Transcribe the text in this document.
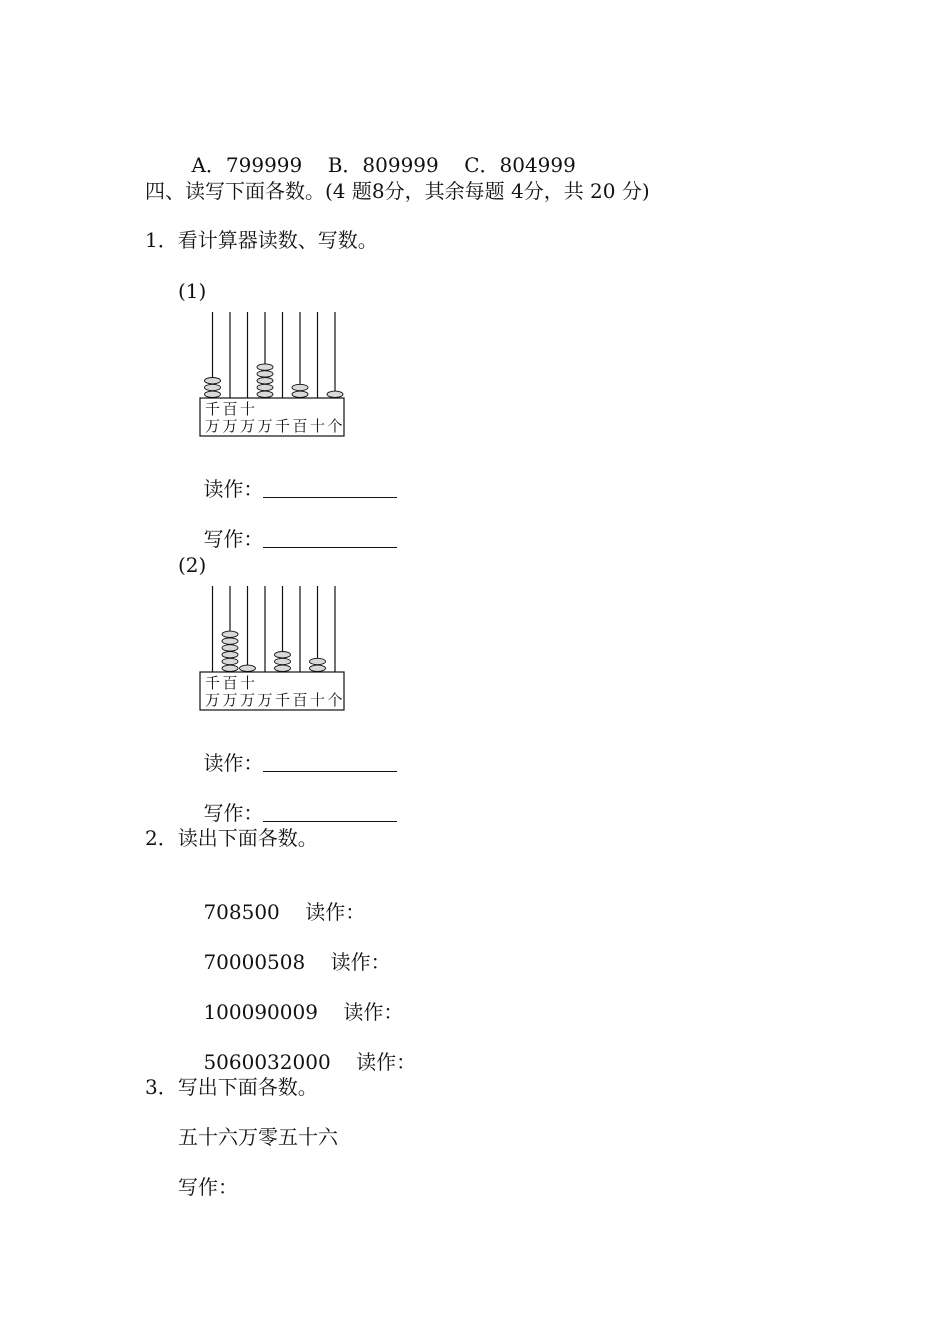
A．799999 B．809999 C．804999

四、读写下面各数。(4 题8分，其余每题 4分，共 20 分)
1．看计算器读数、写数。
(1)
千 百 十
万 万 万 万 千 百 十 个

读作：

写作：

(2)
千 百 十
万 万 万 万 千 百 十 个

读作：

写作：

2．读出下面各数。

708500 读作：

70000508 读作：

100090009 读作：

5060032000 读作：

3．写出下面各数。
五十六万零五十六
写作：
